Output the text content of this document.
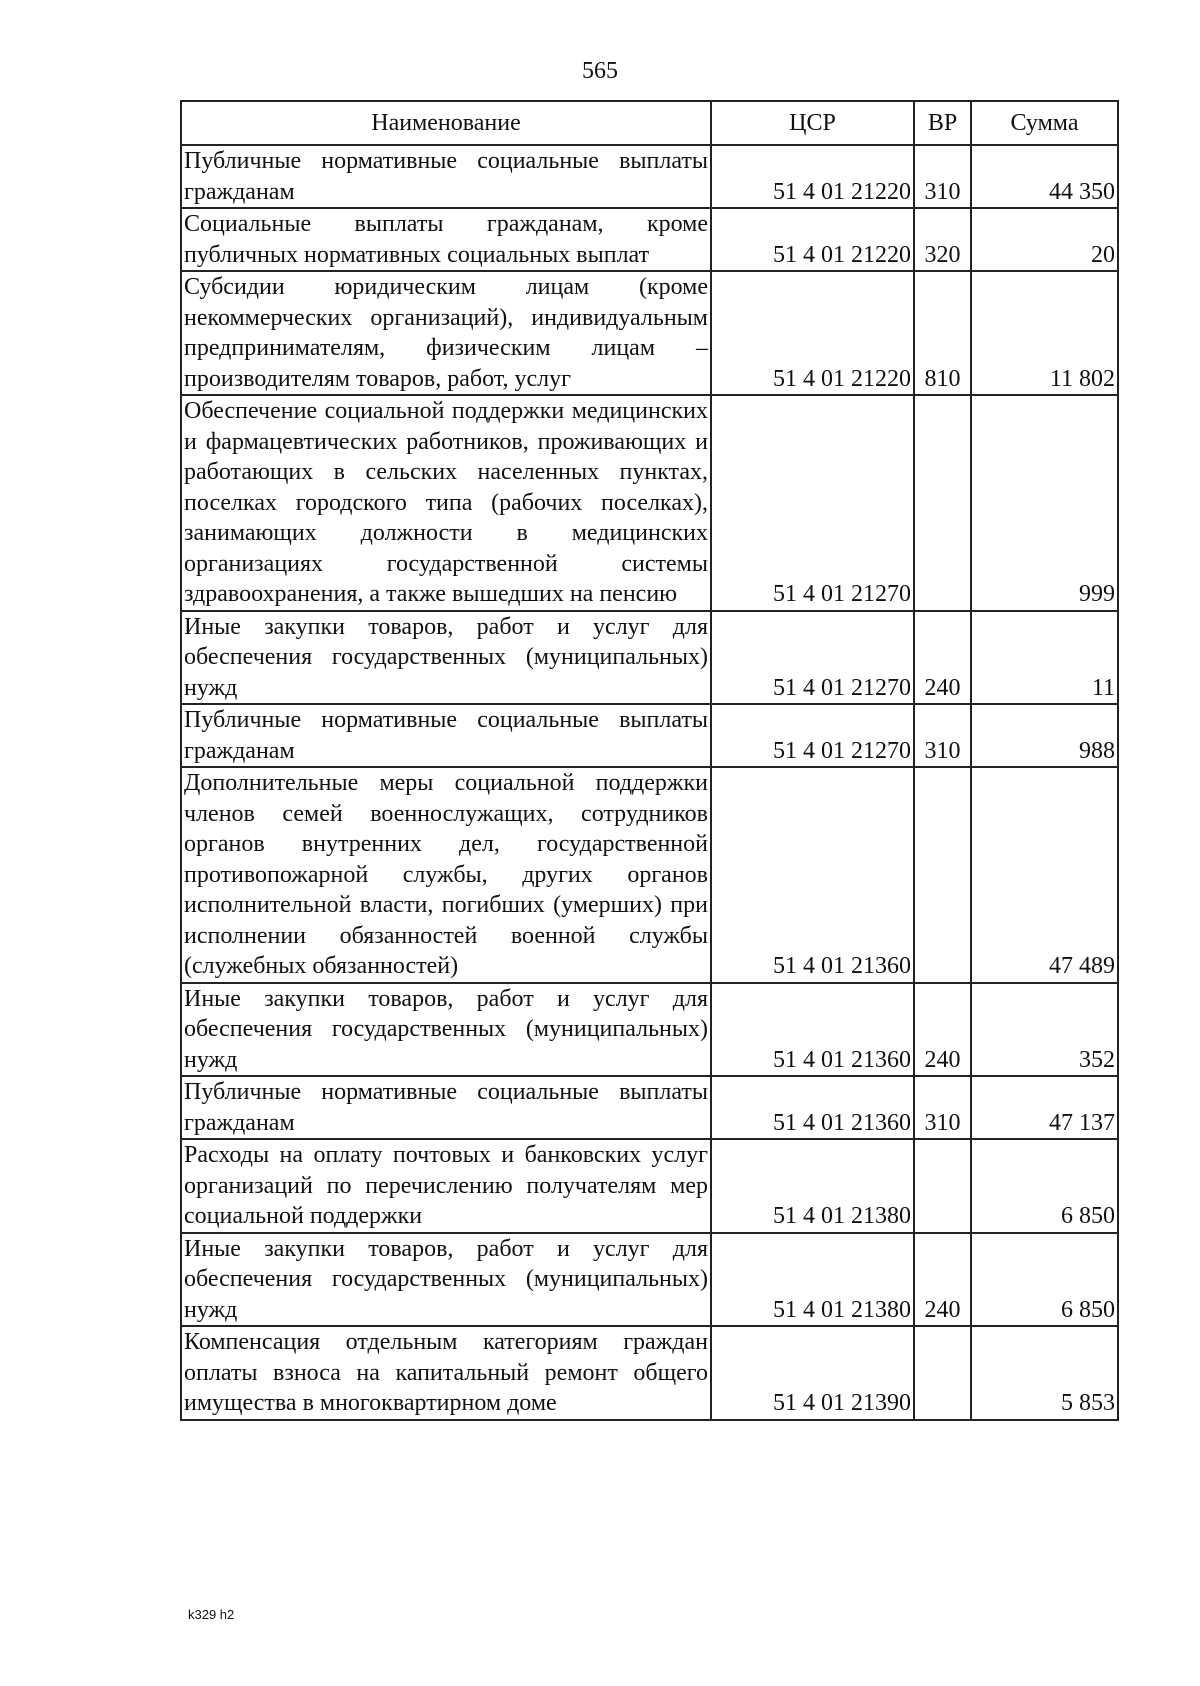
565
Наименование	ЦСР	ВР	Сумма
Публичные нормативные социальные выплаты гражданам	51 4 01 21220	310	44 350
Социальные выплаты гражданам, кроме публичных нормативных социальных выплат	51 4 01 21220	320	20
Субсидии юридическим лицам (кроме некоммерческих организаций), индивидуальным предпринимателям, физическим лицам – производителям товаров, работ, услуг	51 4 01 21220	810	11 802
Обеспечение социальной поддержки медицинских и фармацевтических работников, проживающих и работающих в сельских населенных пунктах, поселках городского типа (рабочих поселках), занимающих должности в медицинских организациях государственной системы здравоохранения, а также вышедших на пенсию	51 4 01 21270		999
Иные закупки товаров, работ и услуг для обеспечения государственных (муниципальных) нужд	51 4 01 21270	240	11
Публичные нормативные социальные выплаты гражданам	51 4 01 21270	310	988
Дополнительные меры социальной поддержки членов семей военнослужащих, сотрудников органов внутренних дел, государственной противопожарной службы, других органов исполнительной власти, погибших (умерших) при исполнении обязанностей военной службы (служебных обязанностей)	51 4 01 21360		47 489
Иные закупки товаров, работ и услуг для обеспечения государственных (муниципальных) нужд	51 4 01 21360	240	352
Публичные нормативные социальные выплаты гражданам	51 4 01 21360	310	47 137
Расходы на оплату почтовых и банковских услуг организаций по перечислению получателям мер социальной поддержки	51 4 01 21380		6 850
Иные закупки товаров, работ и услуг для обеспечения государственных (муниципальных) нужд	51 4 01 21380	240	6 850
Компенсация отдельным категориям граждан оплаты взноса на капитальный ремонт общего имущества в многоквартирном доме	51 4 01 21390		5 853
k329 h2
